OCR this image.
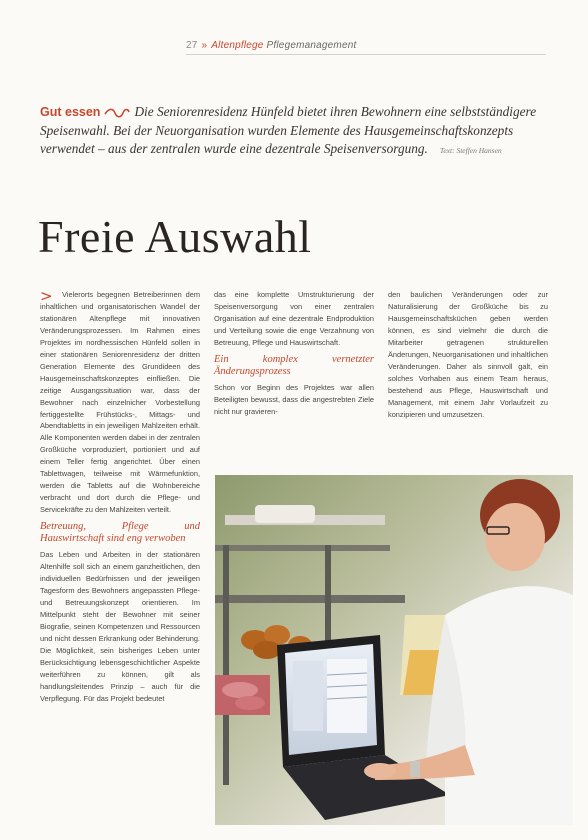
27 » Altenpflege Pflegemanagement
Gut essen	Die Seniorenresidenz Hünfeld bietet ihren Bewohnern eine selbstständigere Speisenwahl. Bei der Neuorganisation wurden Elemente des Hausgemeinschaftskonzepts verwendet – aus der zentralen wurde eine dezentrale Speisenversorgung. Text: Steffen Hansen
Freie Auswahl
>	Vielerorts begegnen Betreiberinnen dem inhaltlichen und organisatorischen Wandel der stationären Altenpflege mit innovativen Veränderungsprozessen. Im Rahmen eines Projektes im nordhessischen Hünfeld sollen in einer stationären Seniorenresidenz der dritten Generation Elemente des Grundideen des Hausgemeinschaftskonzeptes einfließen. Die zeitige Ausgangssituation war, dass der Bewohner nach einzelnicher Vorbestellung fertiggestellte Frühstücks-, Mittags- und Abendtabletts in ein jeweiligen Mahlzeiten erhält. Alle Komponenten werden dabei in der zentralen Großküche vorproduziert, portioniert und auf einem Teller fertig angerichtet. Über einen Tablettwagen, teilweise mit Wärmefunktion, werden die Tabletts auf die Wohnbereiche verbracht und dort durch die Pflege- und Servicekräfte zu den Mahlzeiten verteilt.

Betreuung, Pflege und Hauswirtschaft sind eng verwoben

Das Leben und Arbeiten in der stationären Altenhilfe soll sich an einem ganzheitlichen, den individuellen Bedürfnissen und der jeweiligen Tagesform des Bewohners angepassten Pflege- und Betreuungskonzept orientieren. Im Mittelpunkt steht der Bewohner mit seiner Biografie, seinen Kompetenzen und Ressourcen und nicht dessen Erkrankung oder Behinderung. Die Möglichkeit, sein bisheriges Leben unter Berücksichtigung lebensgeschichtlicher Aspekte weiterführen zu können, gilt als handlungsleitendes Prinzip – auch für die Verpflegung. Für das Projekt bedeutet

das eine komplette Umstrukturierung der Speisenversorgung von einer zentralen Organisation auf eine dezentrale Endproduktion und Verteilung sowie die enge Verzahnung von Betreuung, Pflege und Hauswirtschaft.

Ein komplex vernetzter Änderungsprozess

Schon vor Beginn des Projektes war allen Beteiligten bewusst, dass die angestrebten Ziele nicht nur gravieren-

den baulichen Veränderungen oder zur Naturalisierung der Großküche bis zu Hausgemeinschaftsküchen geben werden können, es sind vielmehr die durch die Mitarbeiter getragenen strukturellen Änderungen, Neuorganisationen und inhaltlichen Veränderungen. Daher als sinnvoll galt, ein solches Vorhaben aus einem Team heraus, bestehend aus Pflege, Hauswirtschaft und Management, mit einem Jahr Vorlaufzeit zu konzipieren und umzusetzen.
